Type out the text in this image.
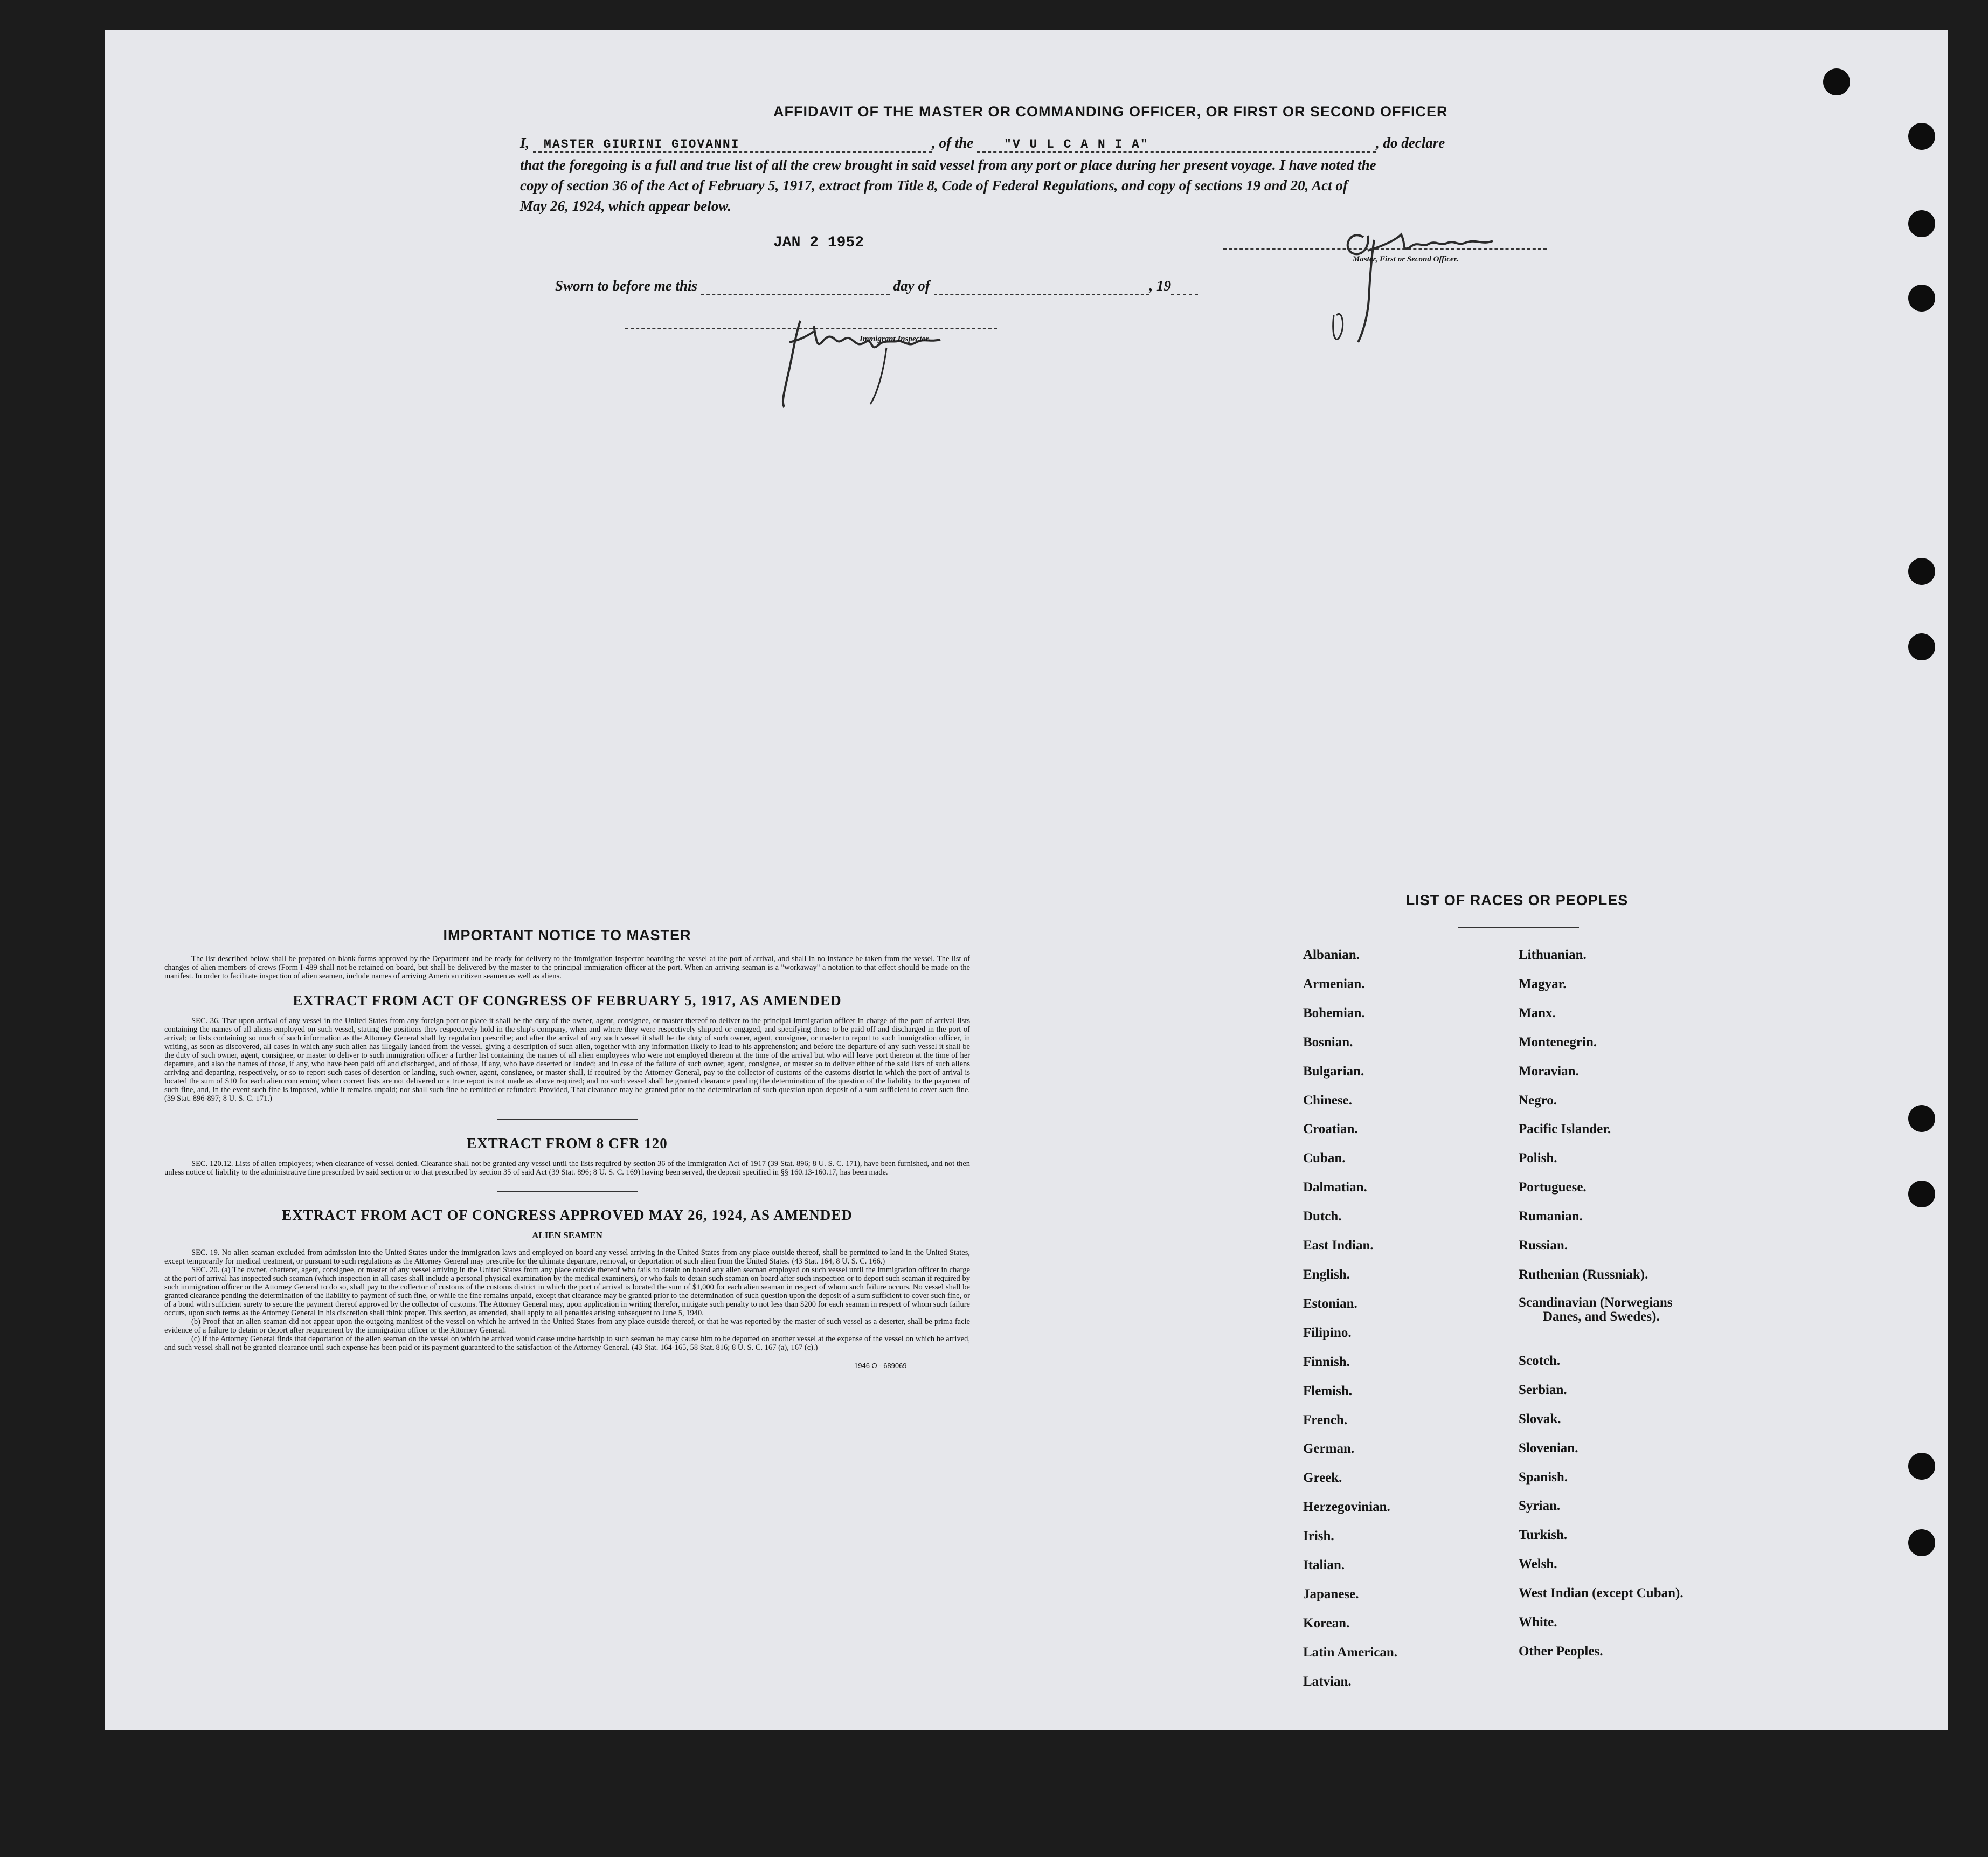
AFFIDAVIT OF THE MASTER OR COMMANDING OFFICER, OR FIRST OR SECOND OFFICER
I, MASTER GIURINI GIOVANNI	, of the "V U L C A N I A"	, do declare
that the foregoing is a full and true list of all the crew brought in said vessel from any port or place during her present voyage. I have noted the
copy of section 36 of the Act of February 5, 1917, extract from Title 8, Code of Federal Regulations, and copy of sections 19 and 20, Act of
May 26, 1924, which appear below.
JAN 2 1952
Master, First or Second Officer.
Sworn to before me this	day of	, 19
Immigrant Inspector.
IMPORTANT NOTICE TO MASTER

The list described below shall be prepared on blank forms approved by the Department and be ready for delivery to the immigration inspector boarding the vessel at the port of arrival, and shall in no instance be taken from the vessel. The list of changes of alien members of crews (Form I-489 shall not be retained on board, but shall be delivered by the master to the principal immigration officer at the port. When an arriving seaman is a "workaway" a notation to that effect should be made on the manifest. In order to facilitate inspection of alien seamen, include names of arriving American citizen seamen as well as aliens.

EXTRACT FROM ACT OF CONGRESS OF FEBRUARY 5, 1917, AS AMENDED

SEC. 36. That upon arrival of any vessel in the United States from any foreign port or place it shall be the duty of the owner, agent, consignee, or master thereof to deliver to the principal immigration officer in charge of the port of arrival lists containing the names of all aliens employed on such vessel, stating the positions they respectively hold in the ship's company, when and where they were respectively shipped or engaged, and specifying those to be paid off and discharged in the port of arrival; or lists containing so much of such information as the Attorney General shall by regulation prescribe; and after the arrival of any such vessel it shall be the duty of such owner, agent, consignee, or master to report to such immigration officer, in writing, as soon as discovered, all cases in which any such alien has illegally landed from the vessel, giving a description of such alien, together with any information likely to lead to his apprehension; and before the departure of any such vessel it shall be the duty of such owner, agent, consignee, or master to deliver to such immigration officer a further list containing the names of all alien employees who were not employed thereon at the time of the arrival but who will leave port thereon at the time of her departure, and also the names of those, if any, who have been paid off and discharged, and of those, if any, who have deserted or landed; and in case of the failure of such owner, agent, consignee, or master so to deliver either of the said lists of such aliens arriving and departing, respectively, or so to report such cases of desertion or landing, such owner, agent, consignee, or master shall, if required by the Attorney General, pay to the collector of customs of the customs district in which the port of arrival is located the sum of $10 for each alien concerning whom correct lists are not delivered or a true report is not made as above required; and no such vessel shall be granted clearance pending the determination of the question of the liability to the payment of such fine, and, in the event such fine is imposed, while it remains unpaid; nor shall such fine be remitted or refunded: Provided, That clearance may be granted prior to the determination of such question upon deposit of a sum sufficient to cover such fine. (39 Stat. 896-897; 8 U. S. C. 171.)

EXTRACT FROM 8 CFR 120

SEC. 120.12. Lists of alien employees; when clearance of vessel denied. Clearance shall not be granted any vessel until the lists required by section 36 of the Immigration Act of 1917 (39 Stat. 896; 8 U. S. C. 171), have been furnished, and not then unless notice of liability to the administrative fine prescribed by said section or to that prescribed by section 35 of said Act (39 Stat. 896; 8 U. S. C. 169) having been served, the deposit specified in §§ 160.13-160.17, has been made.

EXTRACT FROM ACT OF CONGRESS APPROVED MAY 26, 1924, AS AMENDED
ALIEN SEAMEN

SEC. 19. No alien seaman excluded from admission into the United States under the immigration laws and employed on board any vessel arriving in the United States from any place outside thereof, shall be permitted to land in the United States, except temporarily for medical treatment, or pursuant to such regulations as the Attorney General may prescribe for the ultimate departure, removal, or deportation of such alien from the United States. (43 Stat. 164, 8 U. S. C. 166.)

SEC. 20. (a) The owner, charterer, agent, consignee, or master of any vessel arriving in the United States from any place outside thereof who fails to detain on board any alien seaman employed on such vessel until the immigration officer in charge at the port of arrival has inspected such seaman (which inspection in all cases shall include a personal physical examination by the medical examiners), or who fails to detain such seaman on board after such inspection or to deport such seaman if required by such immigration officer or the Attorney General to do so, shall pay to the collector of customs of the customs district in which the port of arrival is located the sum of $1,000 for each alien seaman in respect of whom such failure occurs. No vessel shall be granted clearance pending the determination of the liability to payment of such fine, or while the fine remains unpaid, except that clearance may be granted prior to the determination of such question upon the deposit of a sum sufficient to cover such fine, or of a bond with sufficient surety to secure the payment thereof approved by the collector of customs. The Attorney General may, upon application in writing therefor, mitigate such penalty to not less than $200 for each seaman in respect of whom such failure occurs, upon such terms as the Attorney General in his discretion shall think proper. This section, as amended, shall apply to all penalties arising subsequent to June 5, 1940.

(b) Proof that an alien seaman did not appear upon the outgoing manifest of the vessel on which he arrived in the United States from any place outside thereof, or that he was reported by the master of such vessel as a deserter, shall be prima facie evidence of a failure to detain or deport after requirement by the immigration officer or the Attorney General.

(c) If the Attorney General finds that deportation of the alien seaman on the vessel on which he arrived would cause undue hardship to such seaman he may cause him to be deported on another vessel at the expense of the vessel on which he arrived, and such vessel shall not be granted clearance until such expense has been paid or its payment guaranteed to the satisfaction of the Attorney General. (43 Stat. 164-165, 58 Stat. 816; 8 U. S. C. 167 (a), 167 (c).)

1946 O - 689069
LIST OF RACES OR PEOPLES
Albanian.
Armenian.
Bohemian.
Bosnian.
Bulgarian.
Chinese.
Croatian.
Cuban.
Dalmatian.
Dutch.
East Indian.
English.
Estonian.
Filipino.
Finnish.
Flemish.
French.
German.
Greek.
Herzegovinian.
Irish.
Italian.
Japanese.
Korean.
Latin American.
Latvian.
Lithuanian.
Magyar.
Manx.
Montenegrin.
Moravian.
Negro.
Pacific Islander.
Polish.
Portuguese.
Rumanian.
Russian.
Ruthenian (Russniak).
Scandinavian (Norwegians
Danes, and Swedes).
Scotch.
Serbian.
Slovak.
Slovenian.
Spanish.
Syrian.
Turkish.
Welsh.
West Indian (except Cuban).
White.
Other Peoples.
